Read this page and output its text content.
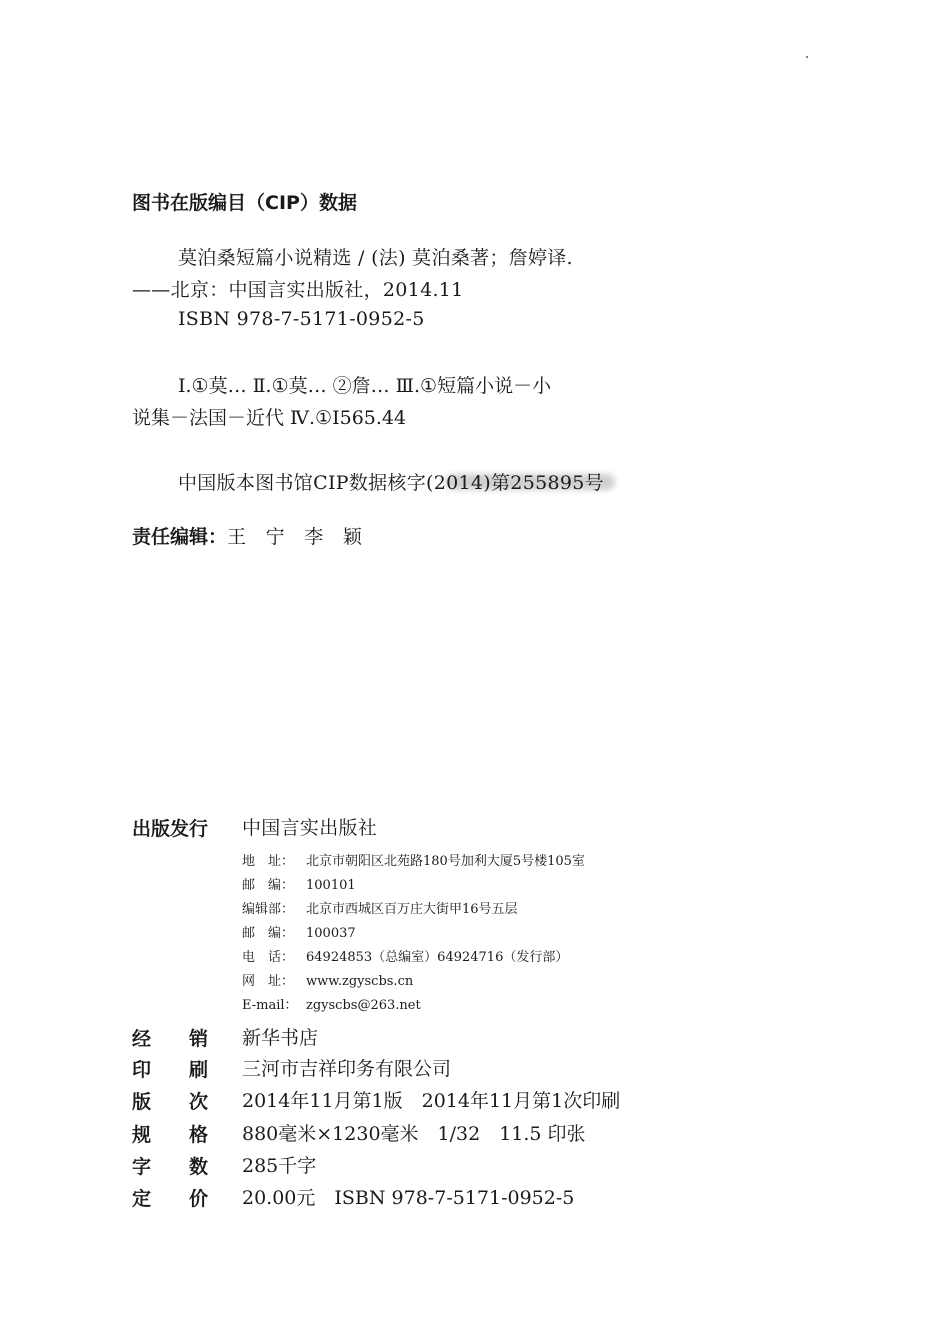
图书在版编目（CIP）数据
莫泊桑短篇小说精选 / (法) 莫泊桑著；詹婷译.
——北京：中国言实出版社，2014.11
ISBN 978-7-5171-0952-5
Ⅰ.①莫… Ⅱ.①莫… ②詹… Ⅲ.①短篇小说－小
说集－法国－近代 Ⅳ.①I565.44
中国版本图书馆CIP数据核字(2014)第255895号
责任编辑：王　宁　李　颖
出版发行 中国言实出版社
地　址： 北京市朝阳区北苑路180号加利大厦5号楼105室
邮　编： 100101
编辑部： 北京市西城区百万庄大街甲16号五层
邮　编： 100037
电　话： 64924853（总编室）64924716（发行部）
网　址： www.zgyscbs.cn
E-mail： zgyscbs@263.net
经　　销 新华书店
印　　刷 三河市吉祥印务有限公司
版　　次 2014年11月第1版　2014年11月第1次印刷
规　　格 880毫米×1230毫米　1/32　11.5 印张
字　　数 285千字
定　　价 20.00元　ISBN 978-7-5171-0952-5
